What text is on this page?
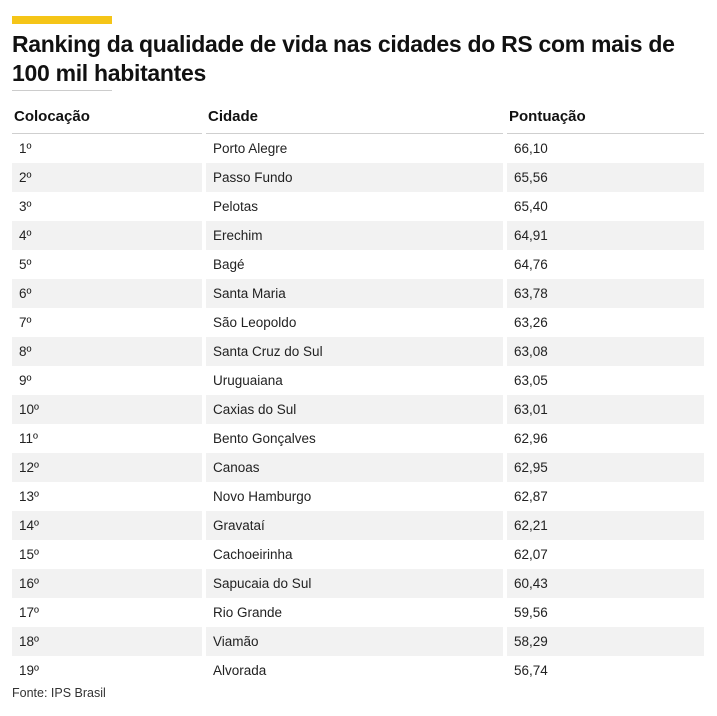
Ranking da qualidade de vida nas cidades do RS com mais de 100 mil habitantes
Colocação	Cidade	Pontuação
1º	Porto Alegre	66,10
2º	Passo Fundo	65,56
3º	Pelotas	65,40
4º	Erechim	64,91
5º	Bagé	64,76
6º	Santa Maria	63,78
7º	São Leopoldo	63,26
8º	Santa Cruz do Sul	63,08
9º	Uruguaiana	63,05
10º	Caxias do Sul	63,01
11º	Bento Gonçalves	62,96
12º	Canoas	62,95
13º	Novo Hamburgo	62,87
14º	Gravataí	62,21
15º	Cachoeirinha	62,07
16º	Sapucaia do Sul	60,43
17º	Rio Grande	59,56
18º	Viamão	58,29
19º	Alvorada	56,74
Fonte: IPS Brasil
